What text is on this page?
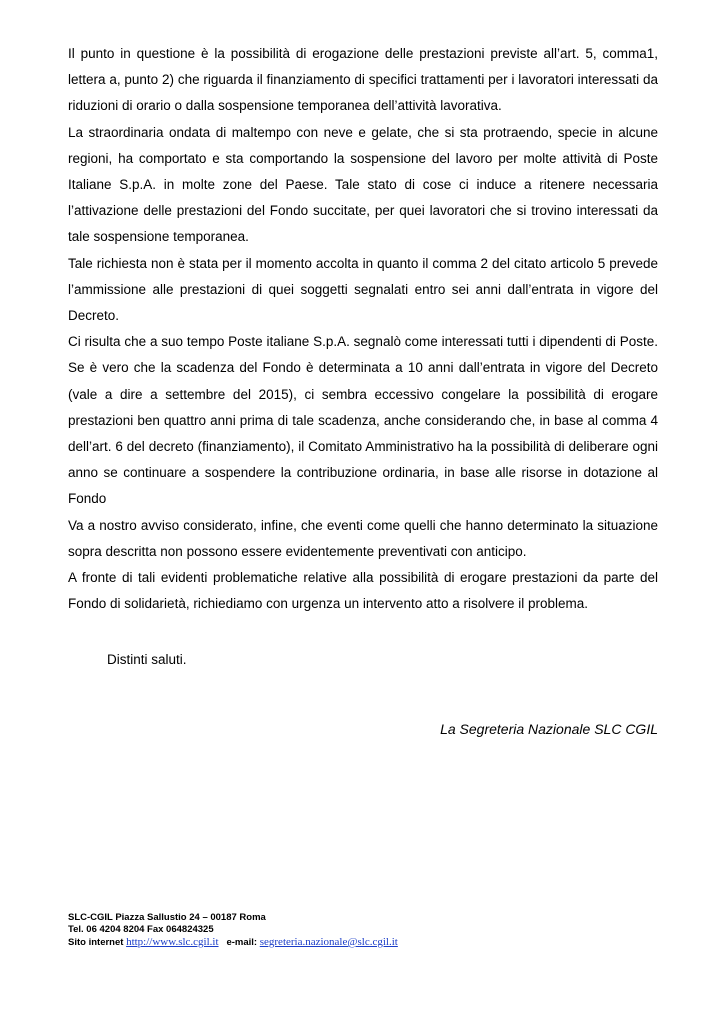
Il punto in questione è la possibilità di erogazione delle prestazioni previste all’art. 5, comma1, lettera a, punto 2) che riguarda il finanziamento di specifici trattamenti per i lavoratori interessati da riduzioni di orario o dalla sospensione temporanea dell’attività lavorativa.

La straordinaria ondata di maltempo con neve e gelate, che si sta protraendo, specie in alcune regioni, ha comportato e sta comportando la sospensione del lavoro per molte attività di Poste Italiane S.p.A. in molte zone del Paese. Tale stato di cose ci induce a ritenere necessaria l’attivazione delle prestazioni del Fondo succitate, per quei lavoratori che si trovino interessati da tale sospensione temporanea.

Tale richiesta non è stata per il momento accolta in quanto il comma 2 del citato articolo 5 prevede l’ammissione alle prestazioni di quei soggetti segnalati entro sei anni dall’entrata in vigore del Decreto.

Ci risulta che a suo tempo Poste italiane S.p.A. segnalò come interessati tutti i dipendenti di Poste. Se è vero che la scadenza del Fondo è determinata a 10 anni dall’entrata in vigore del Decreto (vale a dire a settembre del 2015), ci sembra eccessivo congelare la possibilità di erogare prestazioni ben quattro anni prima di tale scadenza, anche considerando che, in base al comma 4 dell’art. 6 del decreto (finanziamento), il Comitato Amministrativo ha la possibilità di deliberare ogni anno se continuare a sospendere la contribuzione ordinaria, in base alle risorse in dotazione al Fondo

Va a nostro avviso considerato, infine, che eventi come quelli che hanno determinato la situazione sopra descritta non possono essere evidentemente preventivati con anticipo.

A fronte di tali evidenti problematiche relative alla possibilità di erogare prestazioni da parte del Fondo di solidarietà, richiediamo con urgenza un intervento atto a risolvere il problema.

Distinti saluti.

La Segreteria Nazionale SLC CGIL

SLC-CGIL Piazza Sallustio 24 – 00187 Roma
Tel. 06 4204 8204 Fax 064824325
Sito internet http://www.slc.cgil.it e-mail: segreteria.nazionale@slc.cgil.it
